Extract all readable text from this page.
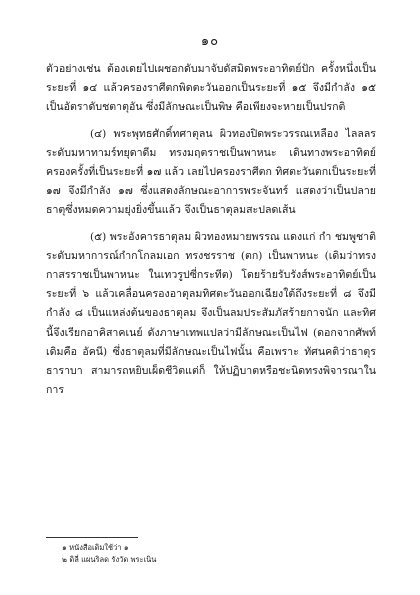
๑๐

ตัวอย่างเช่น ต้องเดยไปเผชอกดับมาจับดัสมิดพระอาทิตย์ปัก ครั้งหนึ่งเป็นระยะที่ ๑๔ แล้วครองราศีตกพิดตะวันออกเป็นระยะที่ ๑๕ จึงมีกำลัง ๑๕ เป็นอัตราดับชตาตุอัน ซึ่งมีลักษณะเป็นพิษ คือเพียงจะหายเป็นปรกติ

(๔) พระพุทธศักดิ์ทศาตุลน ผิวทองปิดพระวรรณเหลือง ไลลลร ระดับมหาทามร์ทยุดาดีม ทรงมฤตราชเป็นพาหนะ เดินทางพระอาทิตย์ครองครั้งที่เป็นระยะที่ ๑๗ แล้ว เลยไปครองราศีตก ทิศตะวันตกเป็นระยะที่ ๑๗ จึงมีกำลัง ๑๗ ซึ่งแสดงลักษณะอาการพระจันทร์ แสดงว่าเป็นปลายธาตุซึ่งหมดความยุ่งยิ่งขึ้นแล้ว จึงเป็นธาตุลมสะปลดเส้น

(๕) พระอังคารธาตุลม ผิวทองหมายพรรณ แดงแก่ กำ ชมพูชาติ ระดับมหาการณ์กำกโกลมเอก ทรงชรราช (ตก) เป็นพาหนะ (เดิมว่าทรงกาสรราชเป็นพาหนะ ในเทวรูปซี่กระทีต) โดยร้ายรับรังส์พระอาทิตย์เป็นระยะที่ ๖ แล้วเคลื่อนครองอาตุลมทิศตะวันออกเฉียงใต้ถึงระยะที่ ๘ จึงมีกำลัง ๘ เป็นแหล่งต้นของธาตุลม จึงเป็นลมประสัมภัสร้ายกาจนัก และทิศนี้จึงเรียกอาคิสาคเนย์ ดังภาษาเทพแปลว่ามีลักษณะเป็นไฟ (ดอกจากศัพท์เดิมคือ อัคนี) ซึ่งธาตุลมที่มีลักษณะเป็นไฟนั้น คือเพราะ ทัศนคติว่าธาตุรธาราบา สามารถหยิบเผ็ดชีวิตแต่ก็ ให้ปฏิบาตหรือชะนิดทรงพิจารณาในการ

๑ หนังสือเดิมใช้ว่า ๑
๒ ดิลี่ แผนริลด รังวัด พระเนิน
